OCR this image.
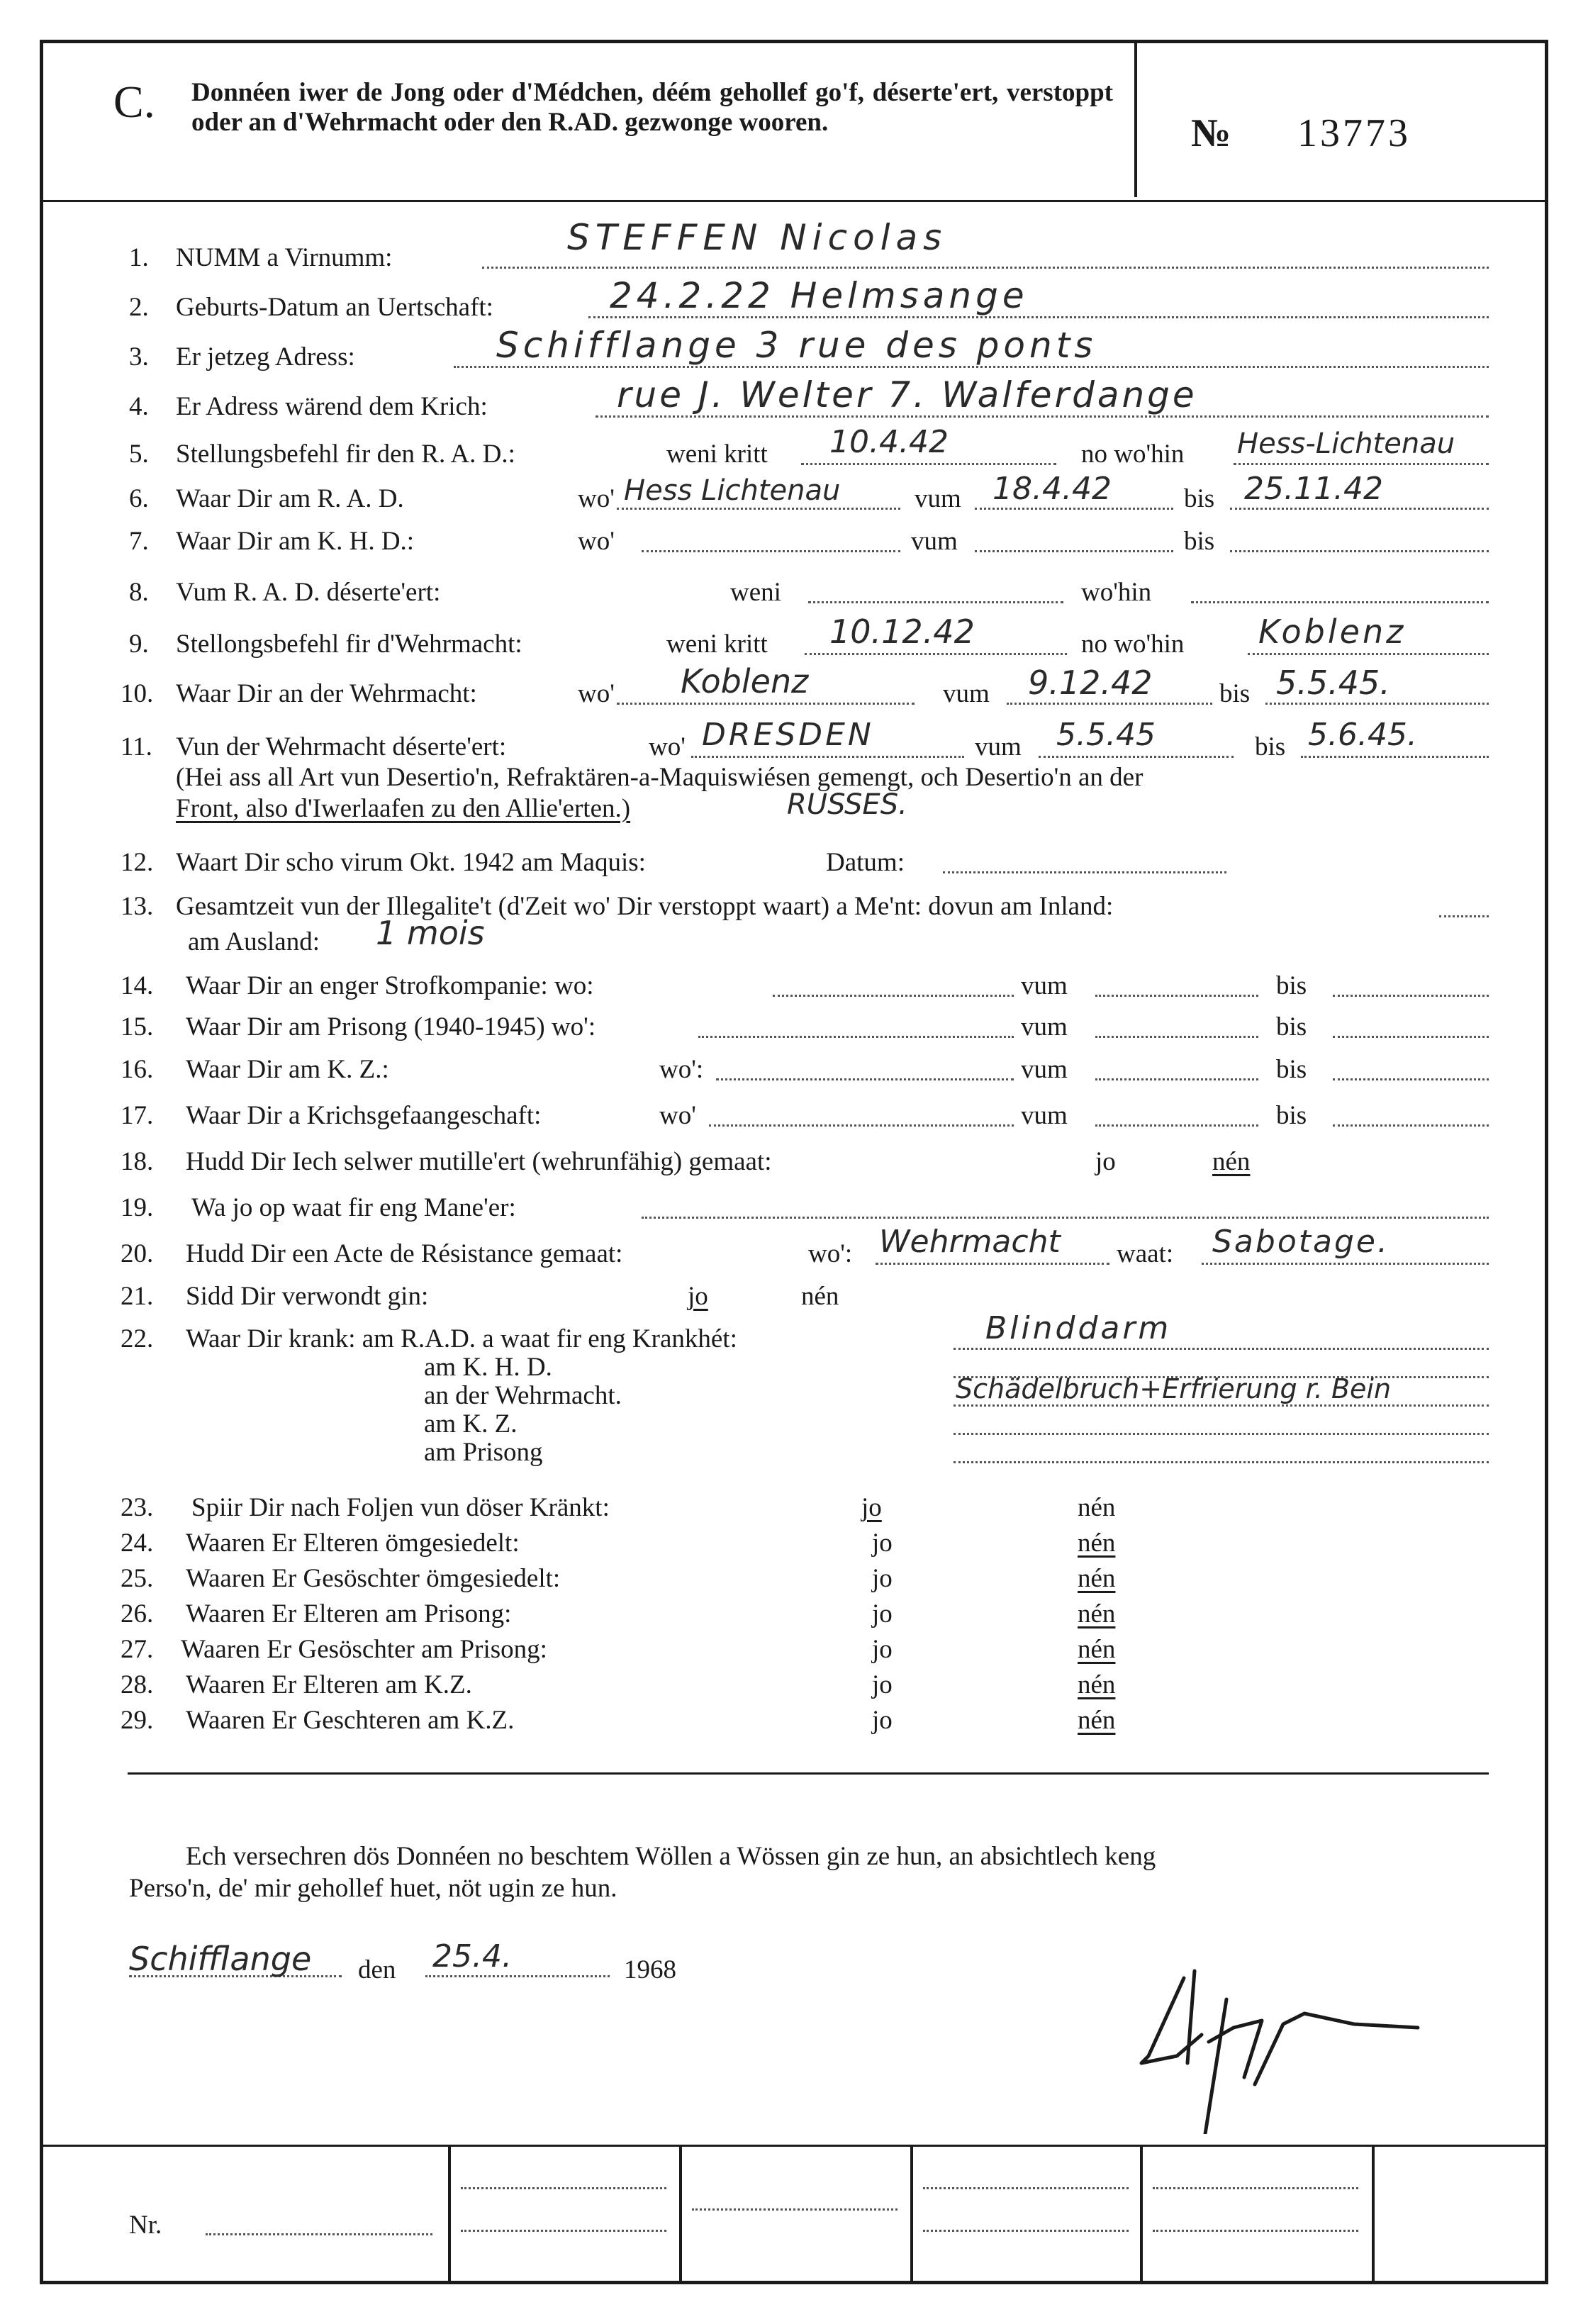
C. Donnéen iwer de Jong oder d'Médchen, déém gehollef go'f, déserte'ert, verstoppt oder an d'Wehrmacht oder den R.AD. gezwonge wooren.	№ 13773
1. NUMM a Virnumm:	STEFFEN Nicolas
2. Geburts-Datum an Uertschaft:	24.2.22 Helmsange
3. Er jetzeg Adress:	Schifflange 3 rue des ponts
4. Er Adress wärend dem Krich:	rue J. Welter 7. Walferdange
5. Stellungsbefehl fir den R. A. D.:	weni kritt 10.4.42	no wo'hin Hess-Lichtenau
6. Waar Dir am R. A. D.	wo' Hess Lichtenau	vum 18.4.42	bis 25.11.42
7. Waar Dir am K. H. D.:	wo'	vum	bis
8. Vum R. A. D. déserte'ert:	weni	wo'hin
9. Stellongsbefehl fir d'Wehrmacht:	weni kritt 10.12.42	no wo'hin Koblenz
10. Waar Dir an der Wehrmacht:	wo' Koblenz	vum 9.12.42	bis 5.5.45.
11. Vun der Wehrmacht déserte'ert:	wo' DRESDEN	vum 5.5.45	bis 5.6.45.
(Hei ass all Art vun Desertio'n, Refraktären-a-Maquiswiésen gemengt, och Desertio'n an der
Front, also d'Iwerlaafen zu den Allie'erten.)	RUSSES.
12. Waart Dir scho virum Okt. 1942 am Maquis:	Datum:
13. Gesamtzeit vun der Illegalite't (d'Zeit wo' Dir verstoppt waart) a Me'nt: dovun am Inland:
am Ausland: 1 mois
14. Waar Dir an enger Strofkompanie: wo:	vum	bis
15. Waar Dir am Prisong (1940-1945) wo':	vum	bis
16. Waar Dir am K. Z.:	wo':	vum	bis
17. Waar Dir a Krichsgefaangeschaft:	wo'	vum	bis
18. Hudd Dir Iech selwer mutille'ert (wehrunfähig) gemaat:	jo	nén
19. Wa jo op waat fir eng Mane'er:
20. Hudd Dir een Acte de Résistance gemaat:	wo': Wehrmacht waat: Sabotage.
21. Sidd Dir verwondt gin:	jo	nén
22. Waar Dir krank: am R.A.D. a waat fir eng Krankhét:	Blinddarm
am K. H. D.
an der Wehrmacht.	Schädelbruch+Erfrierung r. Bein
am K. Z.
am Prisong
23. Spiir Dir nach Foljen vun döser Kränkt:	jo	nén
24. Waaren Er Elteren ömgesiedelt:	jo	nén
25. Waaren Er Gesöschter ömgesiedelt:	jo	nén
26. Waaren Er Elteren am Prisong:	jo	nén
27. Waaren Er Gesöschter am Prisong:	jo	nén
28. Waaren Er Elteren am K.Z.	jo	nén
29. Waaren Er Geschteren am K.Z.	jo	nén
Ech versechren dös Donnéen no beschtem Wöllen a Wössen gin ze hun, an absichtlech keng
Perso'n, de' mir gehollef huet, nöt ugin ze hun.
Schifflange den 25.4.	1968
Nr.
